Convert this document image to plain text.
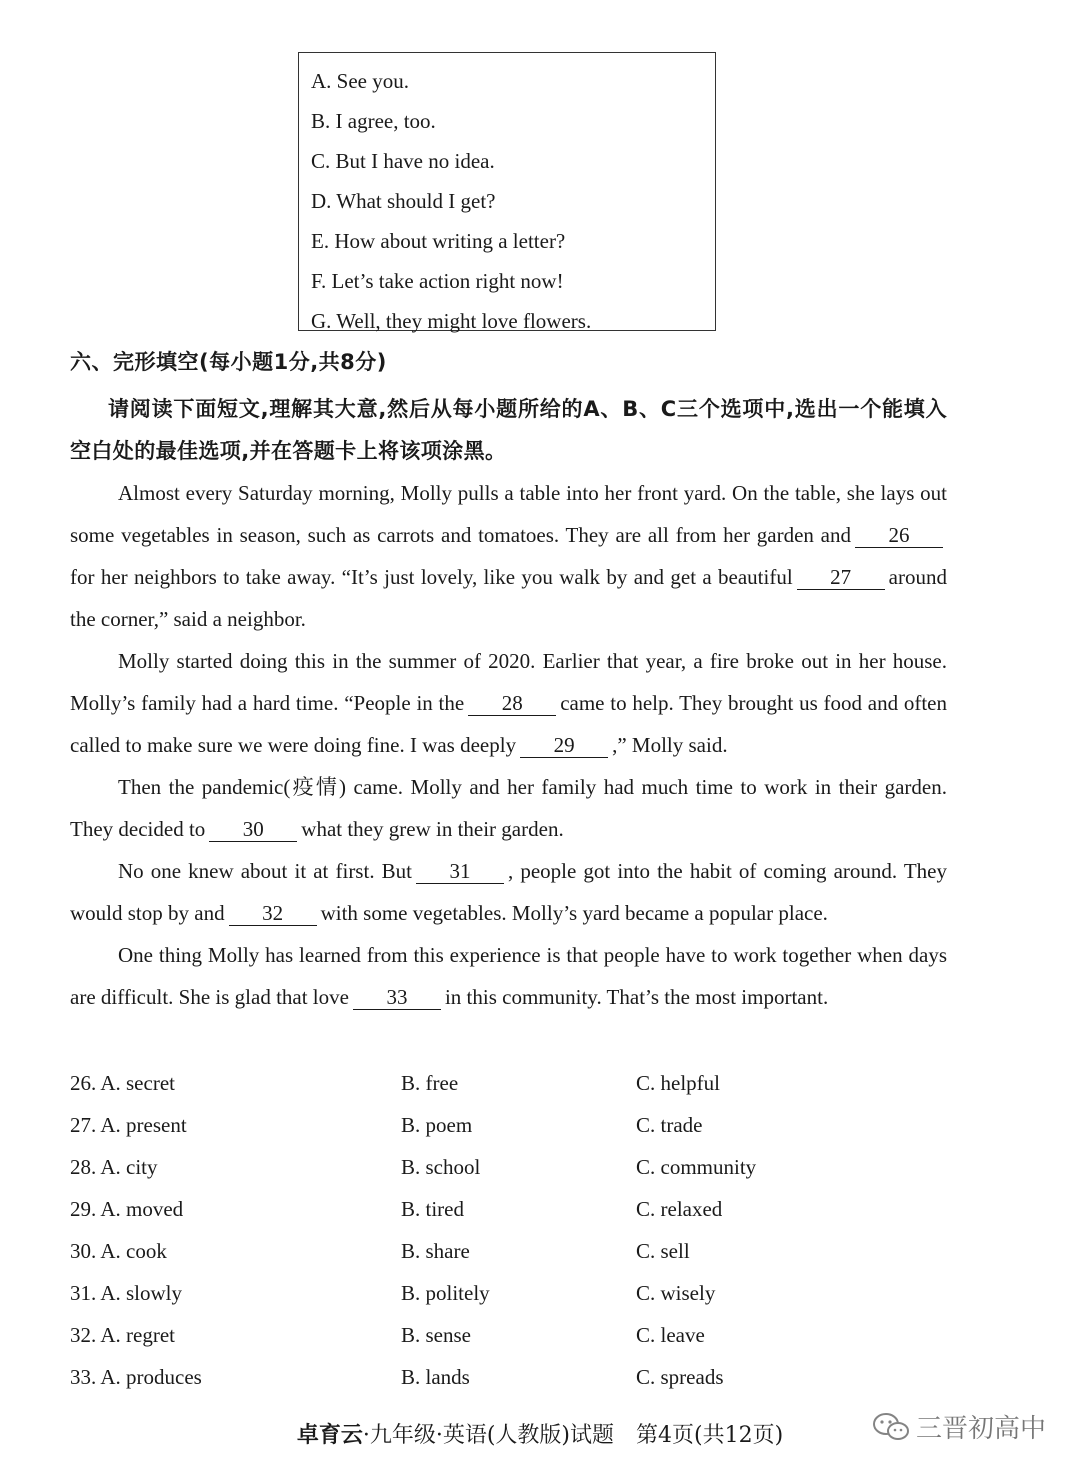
A. See you.
B. I agree, too.
C. But I have no idea.
D. What should I get?
E. How about writing a letter?
F. Let’s take action right now!
G. Well, they might love flowers.
六、完形填空(每小题1分,共8分)
请阅读下面短文,理解其大意,然后从每小题所给的A、B、C三个选项中,选出一个能填入空白处的最佳选项,并在答题卡上将该项涂黑。

Almost every Saturday morning, Molly pulls a table into her front yard. On the table, she lays out some vegetables in season, such as carrots and tomatoes. They are all from her garden and 26for her neighbors to take away. “It’s just lovely, like you walk by and get a beautiful 27 around the corner,” said a neighbor.

Molly started doing this in the summer of 2020. Earlier that year, a fire broke out in her house. Molly’s family had a hard time. “People in the 28 came to help. They brought us food and often called to make sure we were doing fine. I was deeply 29 ,” Molly said.

Then the pandemic(疫情) came. Molly and her family had much time to work in their garden. They decided to 30 what they grew in their garden.

No one knew about it at first. But 31 , people got into the habit of coming around. They would stop by and 32 with some vegetables. Molly’s yard became a popular place.

One thing Molly has learned from this experience is that people have to work together when days are difficult. She is glad that love 33 in this community. That’s the most important.

26. A. secret	B. free	C. helpful
27. A. present	B. poem	C. trade
28. A. city	B. school	C. community
29. A. moved	B. tired	C. relaxed
30. A. cook	B. share	C. sell
31. A. slowly	B. politely	C. wisely
32. A. regret	B. sense	C. leave
33. A. produces	B. lands	C. spreads
卓育云·九年级·英语(人教版)试题　第4页(共12页)	三晋初高中
